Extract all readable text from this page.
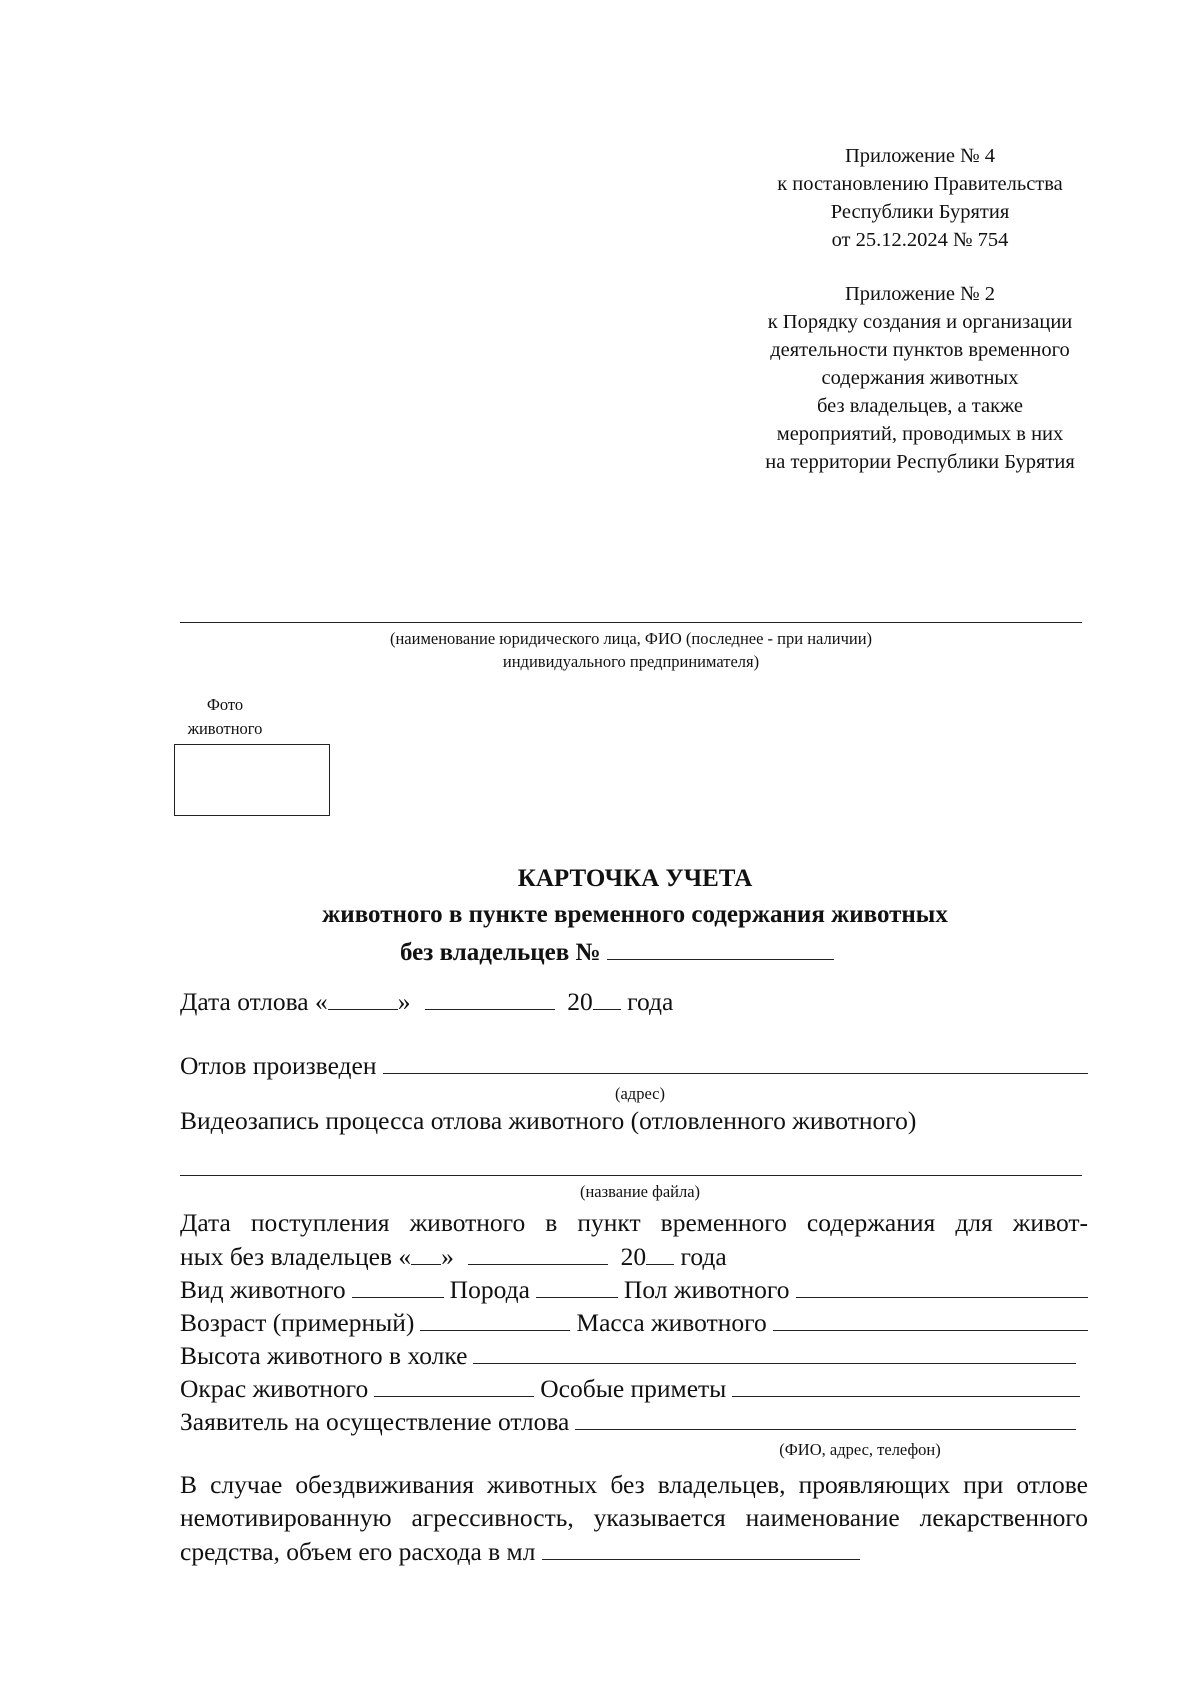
Приложение № 4
к постановлению Правительства
Республики Бурятия
от 25.12.2024 № 754
Приложение № 2
к Порядку создания и организации
деятельности пунктов временного
содержания животных
без владельцев, а также
мероприятий, проводимых в них
на территории Республики Бурятия
(наименование юридического лица, ФИО (последнее - при наличии)
индивидуального предпринимателя)
Фото
животного
КАРТОЧКА УЧЕТА
животного в пункте временного содержания животных
без владельцев №
Дата отлова «	»	20 года
Отлов произведен
(адрес)
Видеозапись процесса отлова животного (отловленного животного)
(название файла)
Дата поступления животного в пункт временного содержания для живот-
ных без владельцев « »	20 года
Вид животного	Порода	Пол животного
Возраст (примерный)	Масса животного
Высота животного в холке
Окрас животного	Особые приметы
Заявитель на осуществление отлова
(ФИО, адрес, телефон)
В случае обездвиживания животных без владельцев, проявляющих при отлове немотивированную агрессивность, указывается наименование лекарственного средства, объем его расхода в мл
